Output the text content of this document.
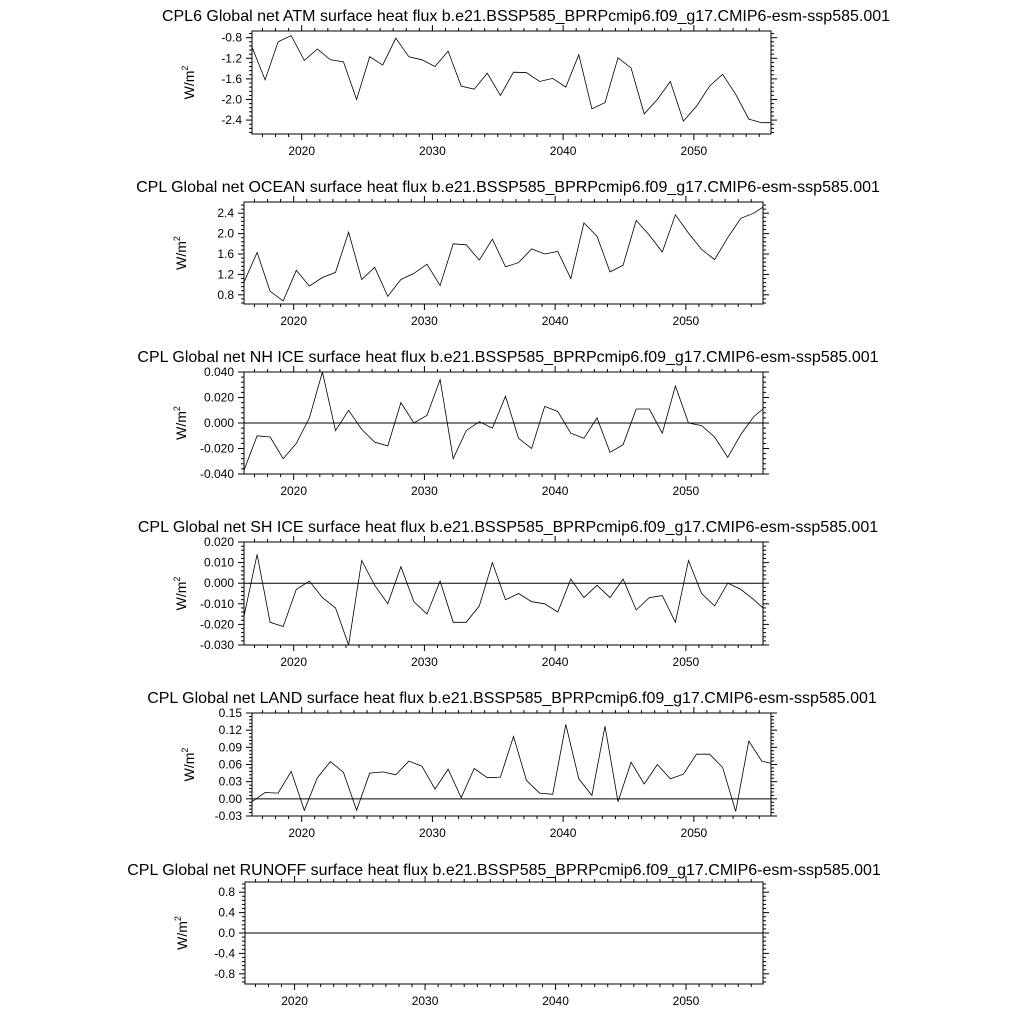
CPL6 Global net ATM surface heat flux b.e21.BSSP585_BPRPcmip6.f09_g17.CMIP6-esm-ssp585.001
2020	2030	2040	2050
-0.8
-1.2
-1.6
-2.0
-2.4
$W/m^2$
CPL Global net OCEAN surface heat flux b.e21.BSSP585_BPRPcmip6.f09_g17.CMIP6-esm-ssp585.001
2020	2030	2040	2050
0.8
1.2
1.6
2.0
2.4
$W/m^2$
CPL Global net NH ICE surface heat flux b.e21.BSSP585_BPRPcmip6.f09_g17.CMIP6-esm-ssp585.001
2020	2030	2040	2050
0.040
0.020
0.000
-0.020
-0.040
$W/m^2$
CPL Global net SH ICE surface heat flux b.e21.BSSP585_BPRPcmip6.f09_g17.CMIP6-esm-ssp585.001
2020	2030	2040	2050
0.020
0.010
0.000
-0.010
-0.020
-0.030
$W/m^2$
CPL Global net LAND surface heat flux b.e21.BSSP585_BPRPcmip6.f09_g17.CMIP6-esm-ssp585.001
2020	2030	2040	2050
0.15
0.12
0.09
0.06
0.03
0.00
-0.03
$W/m^2$
CPL Global net RUNOFF surface heat flux b.e21.BSSP585_BPRPcmip6.f09_g17.CMIP6-esm-ssp585.001
2020	2030	2040	2050
0.8
0.4
0.0
-0.4
-0.8
$W/m^2$
